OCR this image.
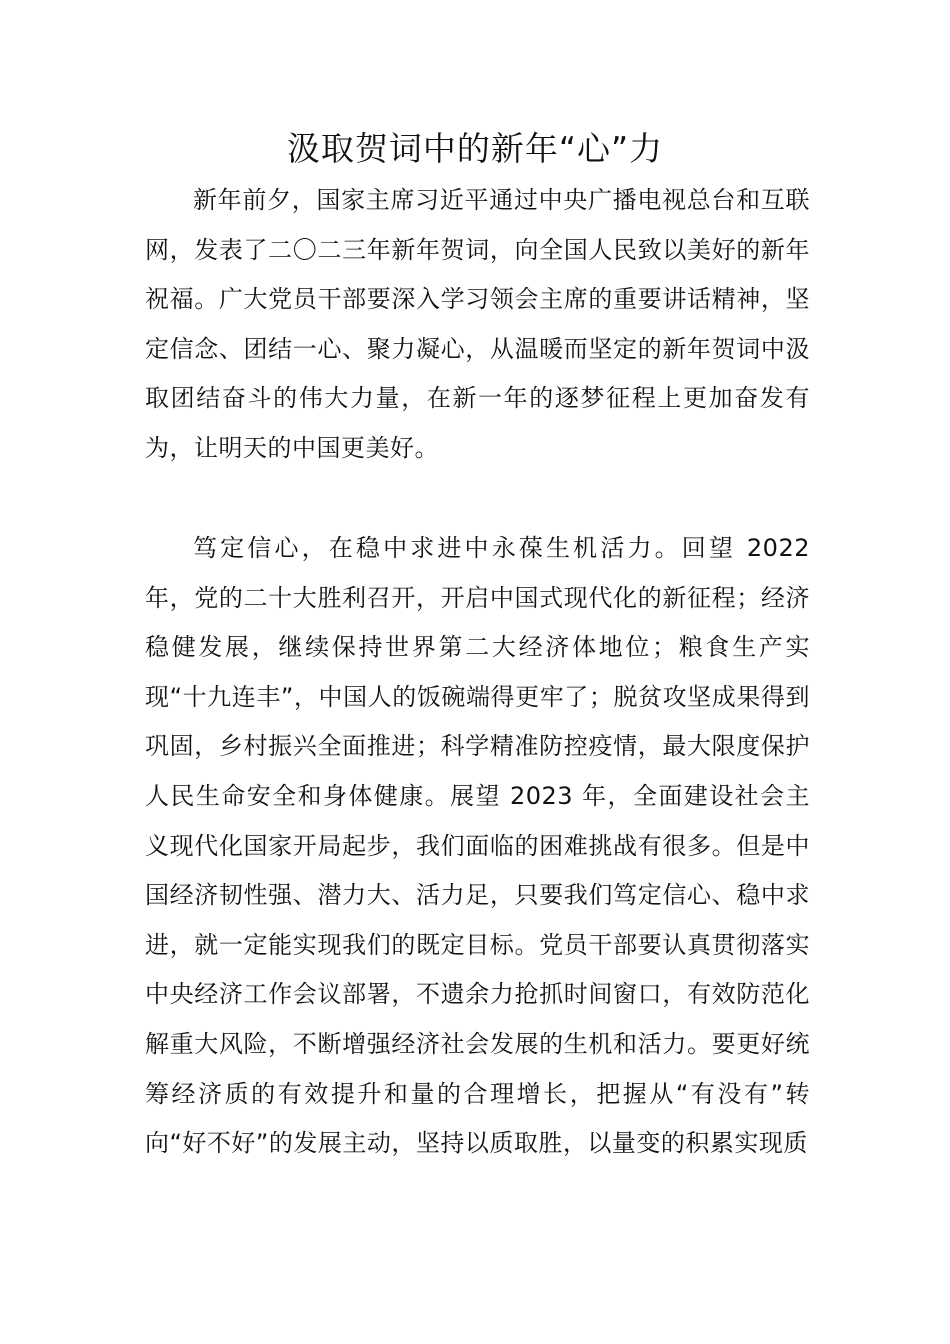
汲取贺词中的新年“心”力

新年前夕，国家主席习近平通过中央广播电视总台和互联网，发表了二〇二三年新年贺词，向全国人民致以美好的新年祝福。广大党员干部要深入学习领会主席的重要讲话精神，坚定信念、团结一心、聚力凝心，从温暖而坚定的新年贺词中汲取团结奋斗的伟大力量，在新一年的逐梦征程上更加奋发有为，让明天的中国更美好。

笃定信心，在稳中求进中永葆生机活力。回望 2022 年，党的二十大胜利召开，开启中国式现代化的新征程；经济稳健发展，继续保持世界第二大经济体地位；粮食生产实现“十九连丰”，中国人的饭碗端得更牢了；脱贫攻坚成果得到巩固，乡村振兴全面推进；科学精准防控疫情，最大限度保护人民生命安全和身体健康。展望 2023 年，全面建设社会主义现代化国家开局起步，我们面临的困难挑战有很多。但是中国经济韧性强、潜力大、活力足，只要我们笃定信心、稳中求进，就一定能实现我们的既定目标。党员干部要认真贯彻落实中央经济工作会议部署，不遗余力抢抓时间窗口，有效防范化解重大风险，不断增强经济社会发展的生机和活力。要更好统筹经济质的有效提升和量的合理增长，把握从“有没有”转向“好不好”的发展主动，坚持以质取胜，以量变的积累实现质
